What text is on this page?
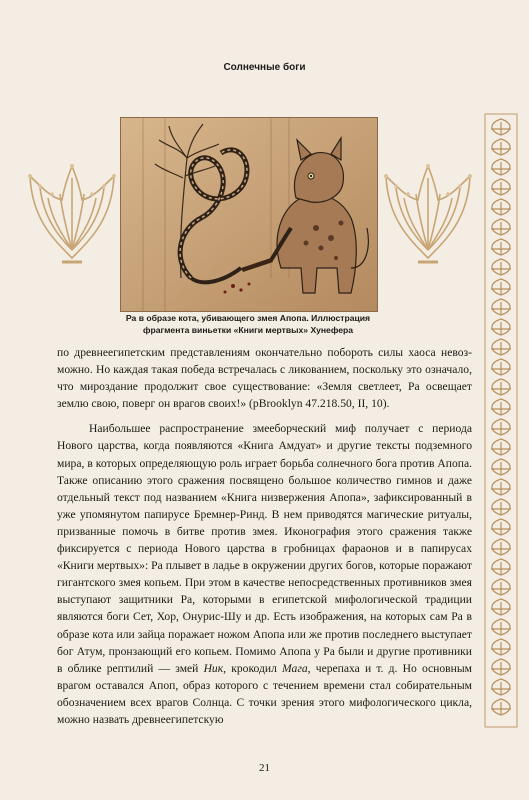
Солнечные боги
Ра в образе кота, убивающего змея Апопа. Иллюстрация
фрагмента виньетки «Книги мертвых» Хунефера

по древнеегипетским представлениям окончательно побороть силы хаоса невозможно. Но каждая такая победа встречалась с ликованием, поскольку это означало, что мироздание продолжит свое существование: «Земля светлеет, Ра освещает землю свою, поверг он врагов своих!» (pBrooklyn 47.218.50, II, 10).

Наибольшее распространение змееборческий миф получает с периода Нового царства, когда появляются «Книга Амдуат» и другие тексты подземного мира, в которых определяющую роль играет борьба солнечного бога против Апопа. Также описанию этого сражения посвящено большое количество гимнов и даже отдельный текст под названием «Книга низвержения Апопа», зафиксированный в уже упомянутом папирусе Бремнер-Ринд. В нем приводятся магические ритуалы, призванные помочь в битве против змея. Иконография этого сражения также фиксируется с периода Нового царства в гробницах фараонов и в папирусах «Книги мертвых»: Ра плывет в ладье в окружении других богов, которые поражают гигантского змея копьем. При этом в качестве непосредственных противников змея выступают защитники Ра, которыми в египетской мифологической традиции являются боги Сет, Хор, Онурис-Шу и др. Есть изображения, на которых сам Ра в образе кота или зайца поражает ножом Апопа или же против последнего выступает бог Атум, пронзающий его копьем. Помимо Апопа у Ра были и другие противники в облике рептилий — змей Ник, крокодил Мага, черепаха и т. д. Но основным врагом оставался Апоп, образ которого с течением времени стал собирательным обозначением всех врагов Солнца. С точки зрения этого мифологического цикла, можно назвать древнеегипетскую

21
